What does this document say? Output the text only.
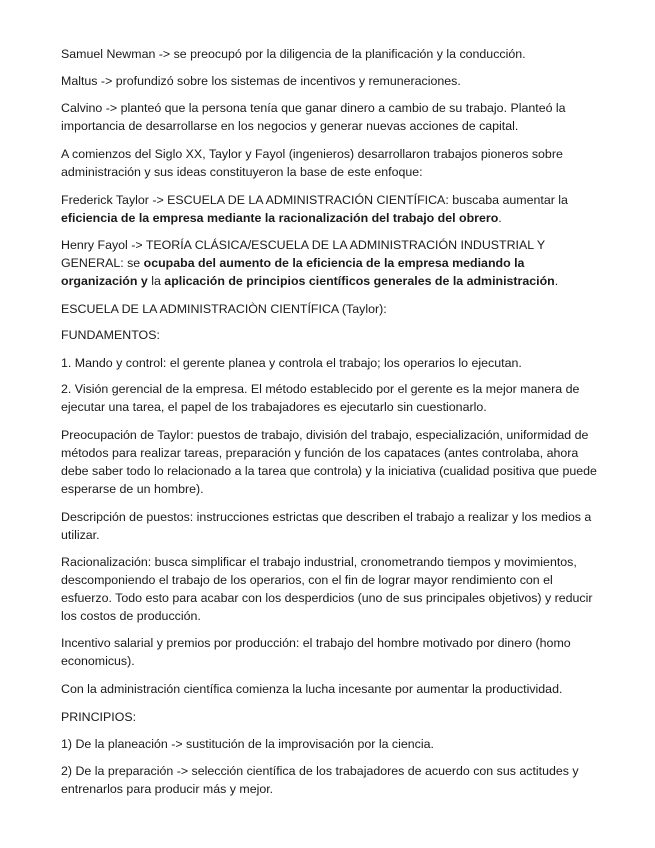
Samuel Newman -> se preocupó por la diligencia de la planificación y la conducción.

Maltus -> profundizó sobre los sistemas de incentivos y remuneraciones.

Calvino -> planteó que la persona tenía que ganar dinero a cambio de su trabajo. Planteó la importancia de desarrollarse en los negocios y generar nuevas acciones de capital.

A comienzos del Siglo XX, Taylor y Fayol (ingenieros) desarrollaron trabajos pioneros sobre administración y sus ideas constituyeron la base de este enfoque:

Frederick Taylor -> ESCUELA DE LA ADMINISTRACIÓN CIENTÍFICA: buscaba aumentar la eficiencia de la empresa mediante la racionalización del trabajo del obrero.

Henry Fayol -> TEORÍA CLÁSICA/ESCUELA DE LA ADMINISTRACIÓN INDUSTRIAL Y GENERAL: se ocupaba del aumento de la eficiencia de la empresa mediando la organización y la aplicación de principios científicos generales de la administración.

ESCUELA DE LA ADMINISTRACIÒN CIENTÍFICA (Taylor):

FUNDAMENTOS:

1. Mando y control: el gerente planea y controla el trabajo; los operarios lo ejecutan.

2. Visión gerencial de la empresa. El método establecido por el gerente es la mejor manera de ejecutar una tarea, el papel de los trabajadores es ejecutarlo sin cuestionarlo.

Preocupación de Taylor: puestos de trabajo, división del trabajo, especialización, uniformidad de métodos para realizar tareas, preparación y función de los capataces (antes controlaba, ahora debe saber todo lo relacionado a la tarea que controla) y la iniciativa (cualidad positiva que puede esperarse de un hombre).

Descripción de puestos: instrucciones estrictas que describen el trabajo a realizar y los medios a utilizar.

Racionalización: busca simplificar el trabajo industrial, cronometrando tiempos y movimientos, descomponiendo el trabajo de los operarios, con el fin de lograr mayor rendimiento con el esfuerzo. Todo esto para acabar con los desperdicios (uno de sus principales objetivos) y reducir los costos de producción.

Incentivo salarial y premios por producción: el trabajo del hombre motivado por dinero (homo economicus).

Con la administración científica comienza la lucha incesante por aumentar la productividad.

PRINCIPIOS:

1) De la planeación -> sustitución de la improvisación por la ciencia.

2) De la preparación -> selección científica de los trabajadores de acuerdo con sus actitudes y entrenarlos para producir más y mejor.
